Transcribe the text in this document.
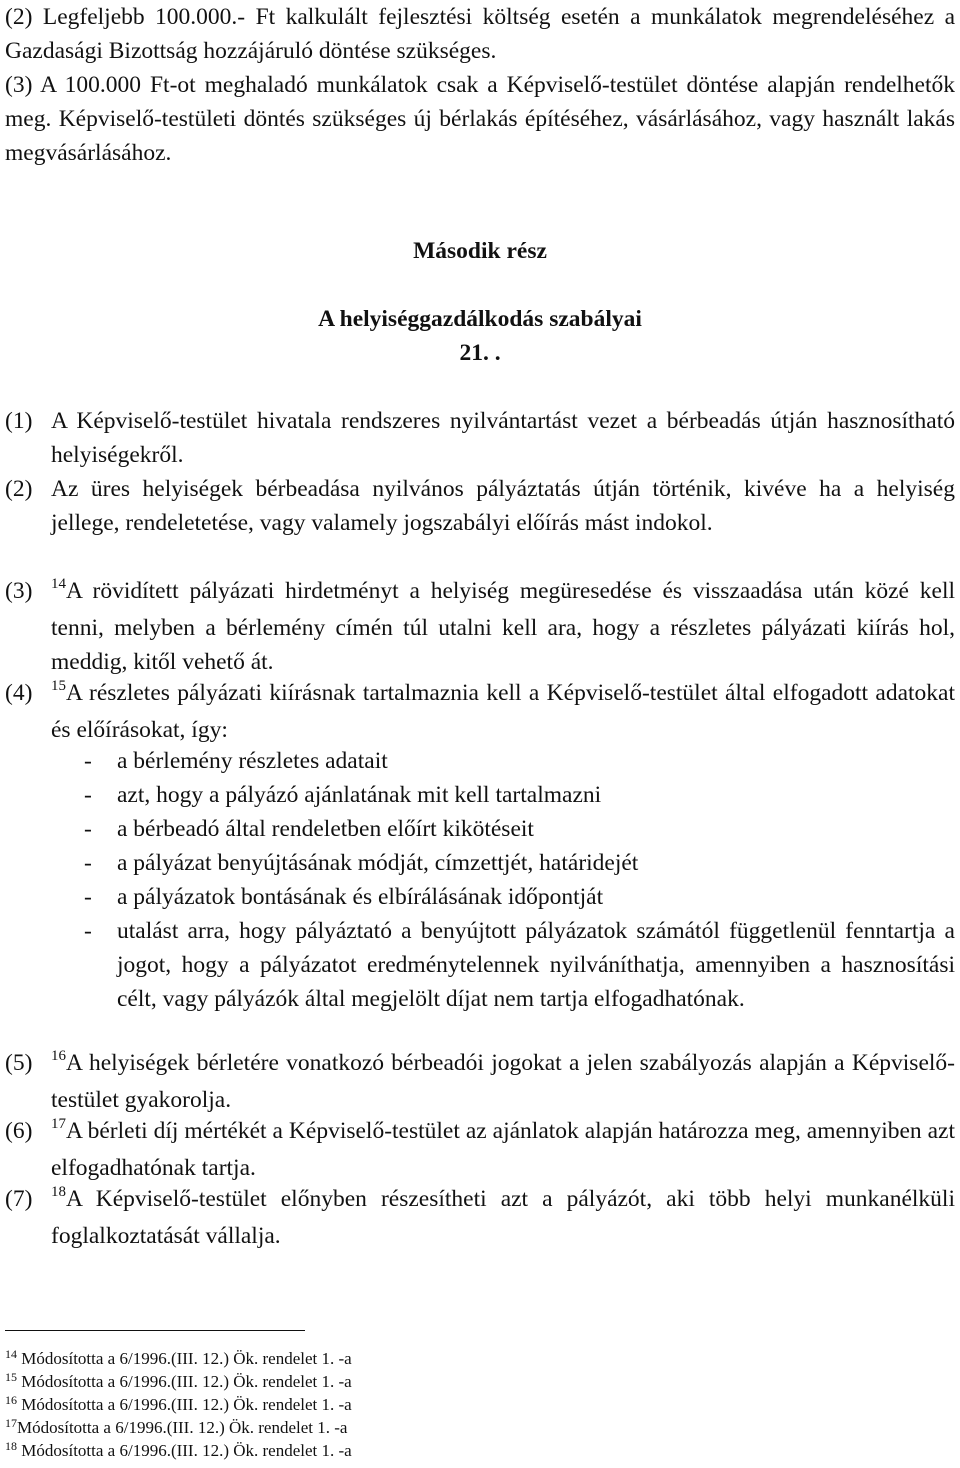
(2) Legfeljebb 100.000.- Ft kalkulált fejlesztési költség esetén a munkálatok megrendeléséhez a Gazdasági Bizottság hozzájáruló döntése szükséges.

(3) A 100.000 Ft-ot meghaladó munkálatok csak a Képviselő-testület döntése alapján rendelhetők meg. Képviselő-testületi döntés szükséges új bérlakás építéséhez, vásárlásához, vagy használt lakás megvásárlásához.

Második rész
A helyiséggazdálkodás szabályai
21. .
(1) A Képviselő-testület hivatala rendszeres nyilvántartást vezet a bérbeadás útján hasznosítható helyiségekről.
(2) Az üres helyiségek bérbeadása nyilvános pályáztatás útján történik, kivéve ha a helyiség jellege, rendeletetése, vagy valamely jogszabályi előírás mást indokol.
(3) $^{14}$A rövidített pályázati hirdetményt a helyiség megüresedése és visszaadása után közé kell tenni, melyben a bérlemény címén túl utalni kell ara, hogy a részletes pályázati kiírás hol, meddig, kitől vehető át.
(4) $^{15}$A részletes pályázati kiírásnak tartalmaznia kell a Képviselő-testület által elfogadott adatokat és előírásokat, így:
- a bérlemény részletes adatait
- azt, hogy a pályázó ajánlatának mit kell tartalmazni
- a bérbeadó által rendeletben előírt kikötéseit
- a pályázat benyújtásának módját, címzettjét, határidejét
- a pályázatok bontásának és elbírálásának időpontját
- utalást arra, hogy pályáztató a benyújtott pályázatok számától függetlenül fenntartja a jogot, hogy a pályázatot eredménytelennek nyilváníthatja, amennyiben a hasznosítási célt, vagy pályázók által megjelölt díjat nem tartja elfogadhatónak.
(5) $^{16}$A helyiségek bérletére vonatkozó bérbeadói jogokat a jelen szabályozás alapján a Képviselő-testület gyakorolja.
(6) $^{17}$A bérleti díj mértékét a Képviselő-testület az ajánlatok alapján határozza meg, amennyiben azt elfogadhatónak tartja.
(7) $^{18}$A Képviselő-testület előnyben részesítheti azt a pályázót, aki több helyi munkanélküli foglalkoztatását vállalja.
$^{14}$ Módosította a 6/1996.(III. 12.) Ök. rendelet 1. -a
$^{15}$ Módosította a 6/1996.(III. 12.) Ök. rendelet 1. -a
$^{16}$ Módosította a 6/1996.(III. 12.) Ök. rendelet 1. -a
$^{17}$Módosította a 6/1996.(III. 12.) Ök. rendelet 1. -a
$^{18}$ Módosította a 6/1996.(III. 12.) Ök. rendelet 1. -a
